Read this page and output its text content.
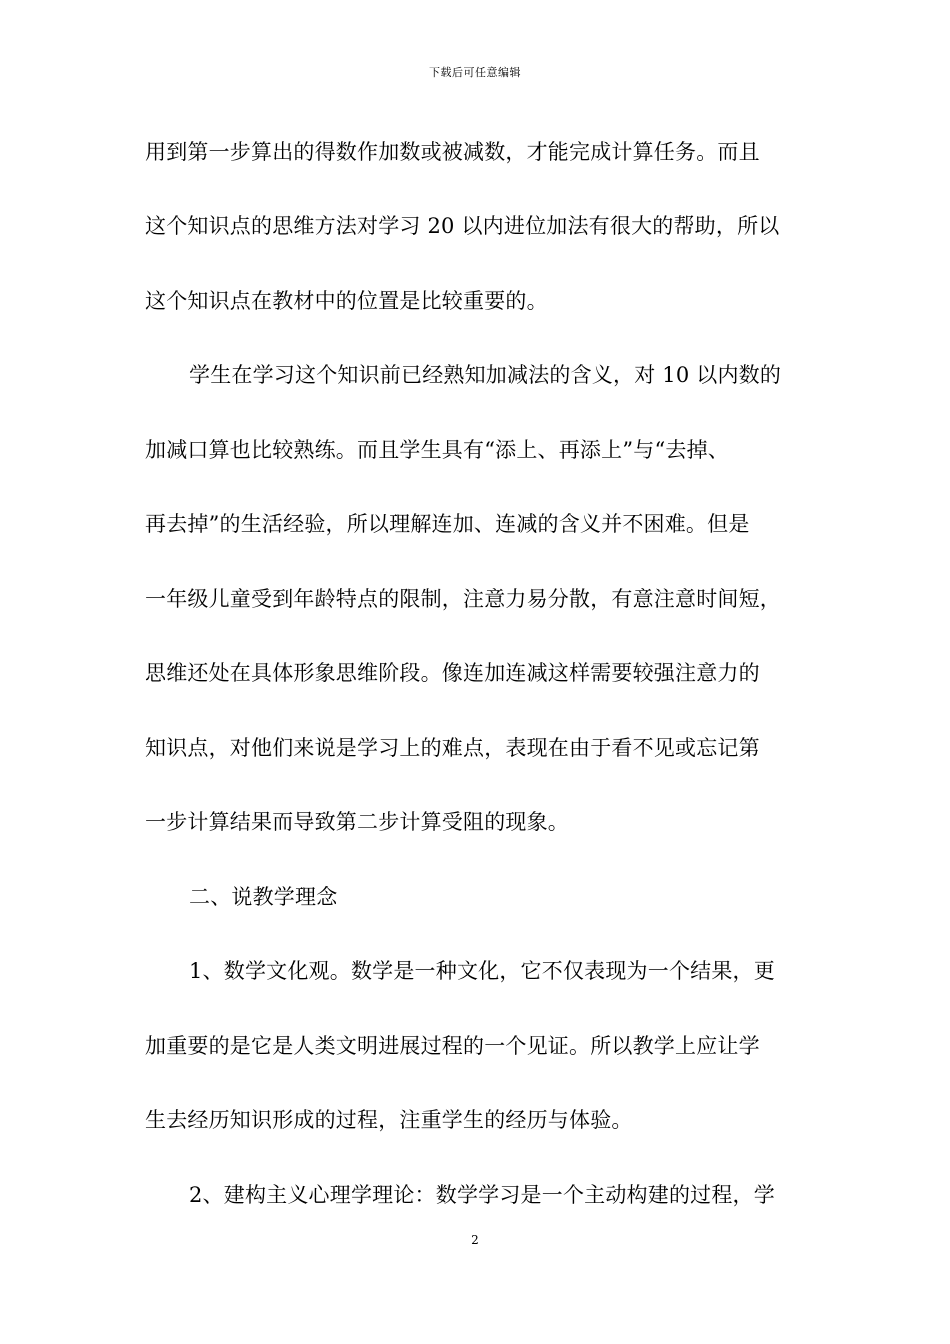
下载后可任意编辑
用到第一步算出的得数作加数或被减数，才能完成计算任务。而且
这个知识点的思维方法对学习 20 以内进位加法有很大的帮助，所以
这个知识点在教材中的位置是比较重要的。
学生在学习这个知识前已经熟知加减法的含义，对 10 以内数的
加减口算也比较熟练。而且学生具有“添上、再添上”与“去掉、
再去掉”的生活经验，所以理解连加、连减的含义并不困难。但是
一年级儿童受到年龄特点的限制，注意力易分散，有意注意时间短，
思维还处在具体形象思维阶段。像连加连减这样需要较强注意力的
知识点，对他们来说是学习上的难点，表现在由于看不见或忘记第
一步计算结果而导致第二步计算受阻的现象。
二、说教学理念
1、数学文化观。数学是一种文化，它不仅表现为一个结果，更
加重要的是它是人类文明进展过程的一个见证。所以教学上应让学
生去经历知识形成的过程，注重学生的经历与体验。
2、建构主义心理学理论：数学学习是一个主动构建的过程，学
2
